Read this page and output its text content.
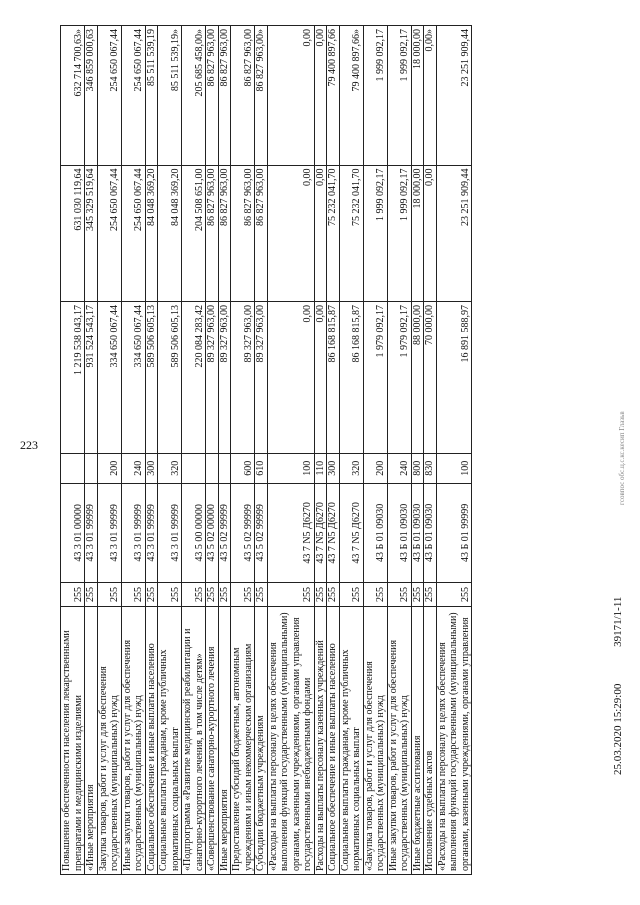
223
Повышение обеспеченности населения лекарственными препаратами и медицинскими изделиями	255	43 3 01 00000		1 219 538 043,17	631 030 119,64	632 714 700,63»
«Иные мероприятия	255	43 3 01 99999		931 524 543,17	345 329 519,64	346 859 000,63
Закупка товаров, работ и услуг для обеспечения государственных (муниципальных) нужд	255	43 3 01 99999	200	334 650 067,44	254 650 067,44	254 650 067,44
Иные закупки товаров, работ и услуг для обеспечения государственных (муниципальных) нужд	255	43 3 01 99999	240	334 650 067,44	254 650 067,44	254 650 067,44
Социальное обеспечение и иные выплаты населению	255	43 3 01 99999	300	589 506 605,13	84 048 369,20	85 511 539,19
Социальные выплаты гражданам, кроме публичных нормативных социальных выплат	255	43 3 01 99999	320	589 506 605,13	84 048 369,20	85 511 539,19»
«Подпрограмма «Развитие медицинской реабилитации и санаторно-курортного лечения, в том числе детям»	255	43 5 00 00000		220 084 283,42	204 508 651,00	205 685 458,00»
«Совершенствование санаторно-курортного лечения	255	43 5 02 00000		89 327 963,00	86 827 963,00	86 827 963,00
Иные мероприятия	255	43 5 02 99999		89 327 963,00	86 827 963,00	86 827 963,00
Предоставление субсидий бюджетным, автономным учреждениям и иным некоммерческим организациям	255	43 5 02 99999	600	89 327 963,00	86 827 963,00	86 827 963,00
Субсидии бюджетным учреждениям	255	43 5 02 99999	610	89 327 963,00	86 827 963,00	86 827 963,00»
«Расходы на выплаты персоналу в целях обеспечения выполнения функций государственными (муниципальными) органами, казенными учреждениями, органами управления государственными внебюджетными фондами	255	43 7 N5 Д6270	100	0,00	0,00	0,00
Расходы на выплаты персоналу казенных учреждений	255	43 7 N5 Д6270	110	0,00	0,00	0,00
Социальное обеспечение и иные выплаты населению	255	43 7 N5 Д6270	300	86 168 815,87	75 232 041,70	79 400 897,66
Социальные выплаты гражданам, кроме публичных нормативных социальных выплат	255	43 7 N5 Д6270	320	86 168 815,87	75 232 041,70	79 400 897,66»
«Закупка товаров, работ и услуг для обеспечения государственных (муниципальных) нужд	255	43 Б 01 09030	200	1 979 092,17	1 999 092,17	1 999 092,17
Иные закупки товаров, работ и услуг для обеспечения государственных (муниципальных) нужд	255	43 Б 01 09030	240	1 979 092,17	1 999 092,17	1 999 092,17
Иные бюджетные ассигнования	255	43 Б 01 09030	800	88 000,00	18 000,00	18 000,00
Исполнение судебных актов	255	43 Б 01 09030	830	70 000,00	0,00	0,00»
«Расходы на выплаты персоналу в целях обеспечения выполнения функций государственными (муниципальными) органами, казенными учреждениями, органами управления	255	43 Б 01 99999	100	16 891 588,97	23 251 909,44	23 251 909,44
25.03.2020 15:29:00 39171/1-11
гсовпос обс.ц.с.кс.кесип Глазьв
